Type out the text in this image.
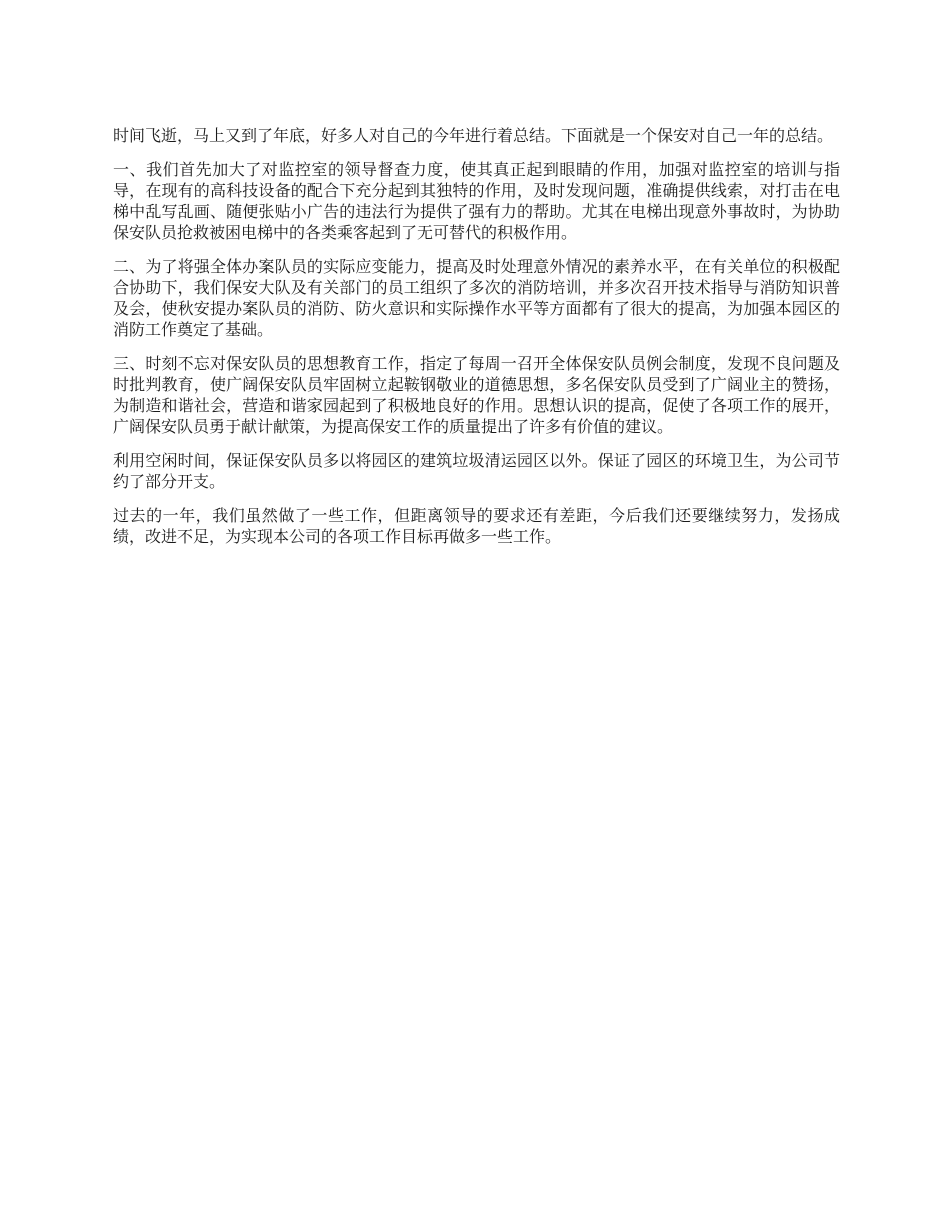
时间飞逝，马上又到了年底，好多人对自己的今年进行着总结。下面就是一个保安对自己一年的总结。

一、我们首先加大了对监控室的领导督查力度，使其真正起到眼睛的作用，加强对监控室的培训与指导，在现有的高科技设备的配合下充分起到其独特的作用，及时发现问题，准确提供线索，对打击在电梯中乱写乱画、随便张贴小广告的违法行为提供了强有力的帮助。尤其在电梯出现意外事故时，为协助保安队员抢救被困电梯中的各类乘客起到了无可替代的积极作用。

二、为了将强全体办案队员的实际应变能力，提高及时处理意外情况的素养水平，在有关单位的积极配合协助下，我们保安大队及有关部门的员工组织了多次的消防培训，并多次召开技术指导与消防知识普及会，使秋安提办案队员的消防、防火意识和实际操作水平等方面都有了很大的提高，为加强本园区的消防工作奠定了基础。

三、时刻不忘对保安队员的思想教育工作，指定了每周一召开全体保安队员例会制度，发现不良问题及时批判教育，使广阔保安队员牢固树立起鞍钢敬业的道德思想，多名保安队员受到了广阔业主的赞扬，为制造和谐社会，营造和谐家园起到了积极地良好的作用。思想认识的提高，促使了各项工作的展开，广阔保安队员勇于献计献策，为提高保安工作的质量提出了许多有价值的建议。

利用空闲时间，保证保安队员多以将园区的建筑垃圾清运园区以外。保证了园区的环境卫生，为公司节约了部分开支。

过去的一年，我们虽然做了一些工作，但距离领导的要求还有差距，今后我们还要继续努力，发扬成绩，改进不足，为实现本公司的各项工作目标再做多一些工作。
